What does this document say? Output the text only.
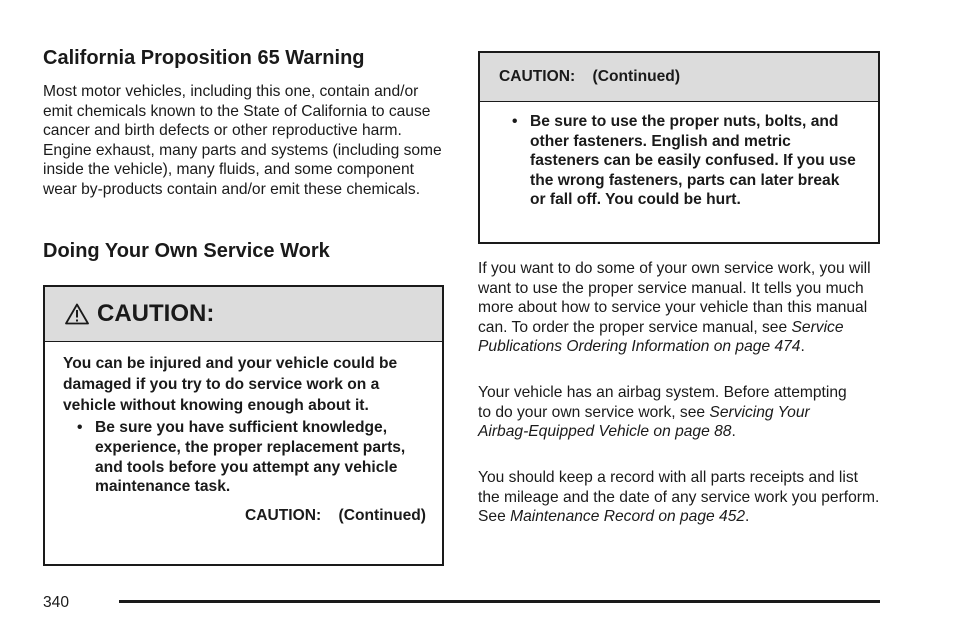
California Proposition 65 Warning

Most motor vehicles, including this one, contain and/or emit chemicals known to the State of California to cause cancer and birth defects or other reproductive harm. Engine exhaust, many parts and systems (including some inside the vehicle), many fluids, and some component wear by-products contain and/or emit these chemicals.

Doing Your Own Service Work
CAUTION:

You can be injured and your vehicle could be damaged if you try to do service work on a vehicle without knowing enough about it.

• Be sure you have sufficient knowledge, experience, the proper replacement parts, and tools before you attempt any vehicle maintenance task.
CAUTION:    (Continued)
CAUTION:    (Continued)
• Be sure to use the proper nuts, bolts, and other fasteners. English and metric fasteners can be easily confused. If you use the wrong fasteners, parts can later break or fall off. You could be hurt.

If you want to do some of your own service work, you will want to use the proper service manual. It tells you much more about how to service your vehicle than this manual can. To order the proper service manual, see Service Publications Ordering Information on page 474.

Your vehicle has an airbag system. Before attempting to do your own service work, see Servicing Your Airbag-Equipped Vehicle on page 88.

You should keep a record with all parts receipts and list the mileage and the date of any service work you perform. See Maintenance Record on page 452.

340
